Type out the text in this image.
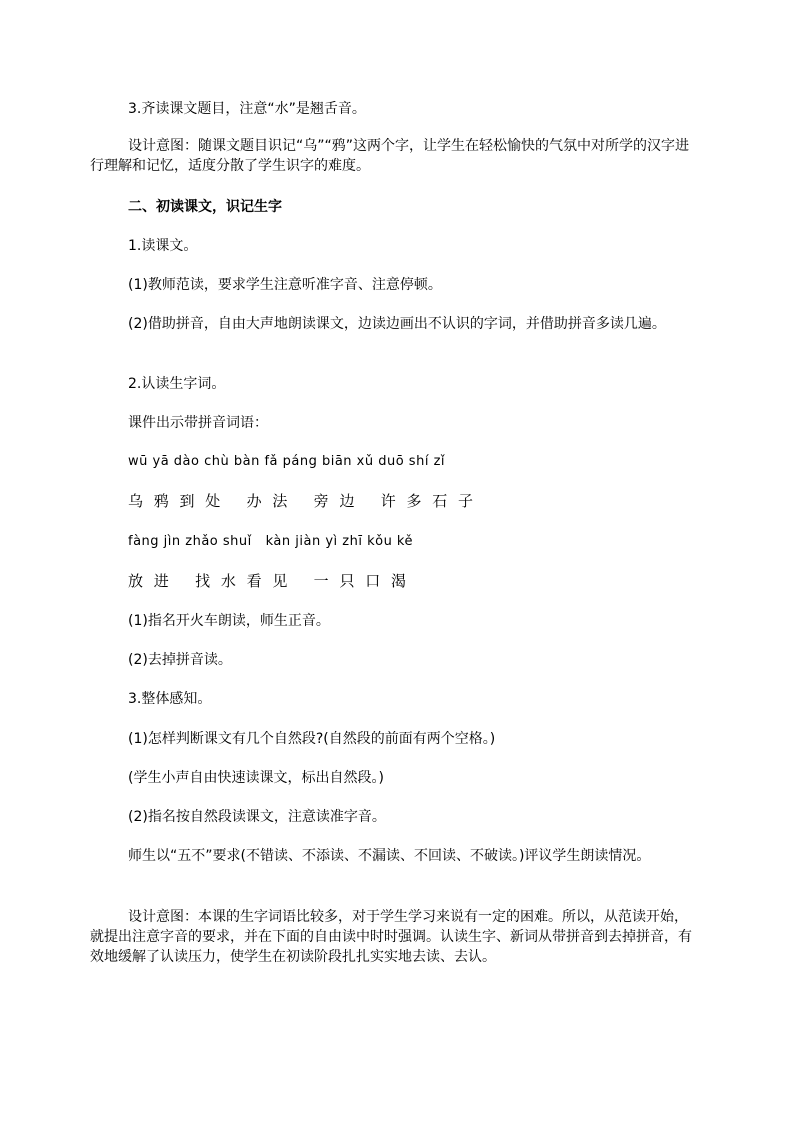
3.齐读课文题目，注意“水”是翘舌音。
设计意图：随课文题目识记“乌”“鸦”这两个字，让学生在轻松愉快的气氛中对所学的汉字进行理解和记忆，适度分散了学生识字的难度。
二、初读课文，识记生字
1.读课文。
(1)教师范读，要求学生注意听准字音、注意停顿。
(2)借助拼音，自由大声地朗读课文，边读边画出不认识的字词，并借助拼音多读几遍。
2.认读生字词。
课件出示带拼音词语：
wū yā dào chù bàn fǎ páng biān xǔ duō shí zǐ
乌 鸦 到 处   办 法   旁 边   许 多 石 子
fàng jìn zhǎo shuǐ   kàn jiàn yì zhī kǒu kě
放 进   找 水 看 见   一 只 口 渴
(1)指名开火车朗读，师生正音。
(2)去掉拼音读。
3.整体感知。
(1)怎样判断课文有几个自然段?(自然段的前面有两个空格。)
(学生小声自由快速读课文，标出自然段。)
(2)指名按自然段读课文，注意读准字音。
师生以“五不”要求(不错读、不添读、不漏读、不回读、不破读。)评议学生朗读情况。
设计意图：本课的生字词语比较多，对于学生学习来说有一定的困难。所以，从范读开始，就提出注意字音的要求，并在下面的自由读中时时强调。认读生字、新词从带拼音到去掉拼音，有效地缓解了认读压力，使学生在初读阶段扎扎实实地去读、去认。
